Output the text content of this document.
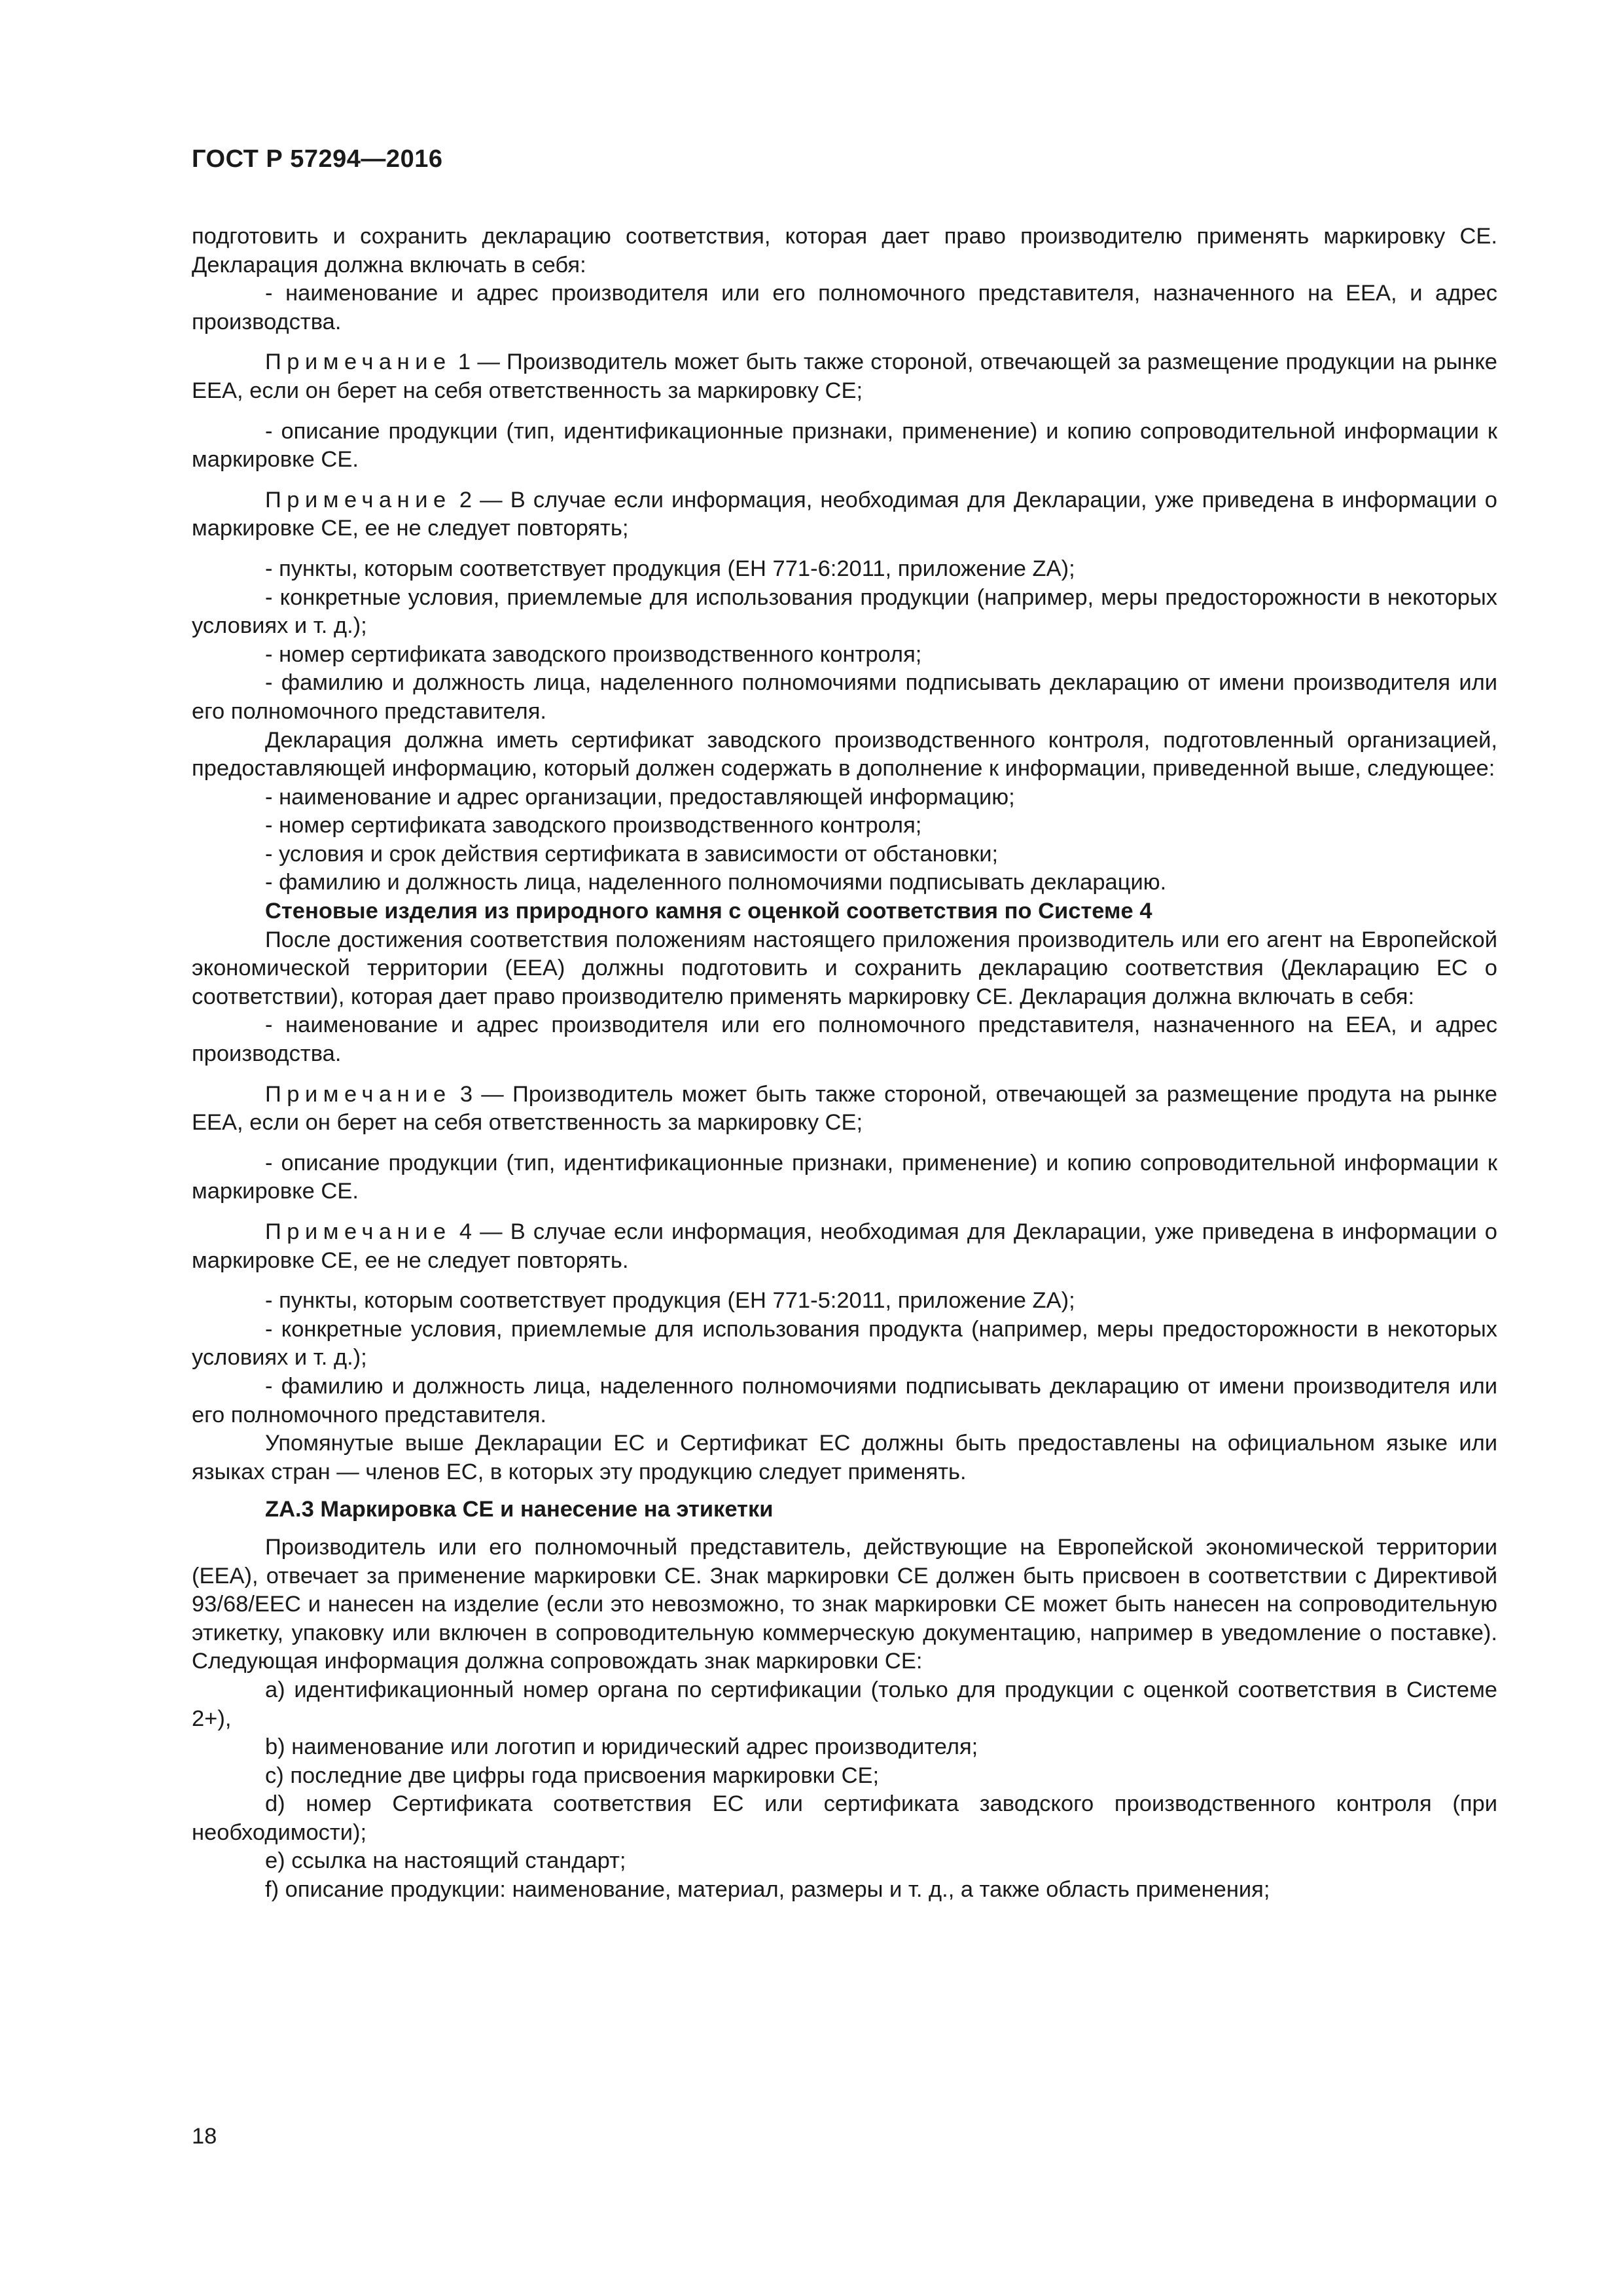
ГОСТ Р 57294—2016

подготовить и сохранить декларацию соответствия, которая дает право производителю применять маркировку СЕ. Декларация должна включать в себя:

- наименование и адрес производителя или его полномочного представителя, назначенного на ЕЕА, и адрес производства.

Примечание 1 — Производитель может быть также стороной, отвечающей за размещение продукции на рынке ЕЕА, если он берет на себя ответственность за маркировку СЕ;

- описание продукции (тип, идентификационные признаки, применение) и копию сопроводительной информации к маркировке СЕ.

Примечание 2 — В случае если информация, необходимая для Декларации, уже приведена в информации о маркировке СЕ, ее не следует повторять;

- пункты, которым соответствует продукция (ЕН 771-6:2011, приложение ZA);

- конкретные условия, приемлемые для использования продукции (например, меры предосторожности в некоторых условиях и т. д.);

- номер сертификата заводского производственного контроля;

- фамилию и должность лица, наделенного полномочиями подписывать декларацию от имени производителя или его полномочного представителя.

Декларация должна иметь сертификат заводского производственного контроля, подготовленный организацией, предоставляющей информацию, который должен содержать в дополнение к информации, приведенной выше, следующее:

- наименование и адрес организации, предоставляющей информацию;

- номер сертификата заводского производственного контроля;

- условия и срок действия сертификата в зависимости от обстановки;

- фамилию и должность лица, наделенного полномочиями подписывать декларацию.

Стеновые изделия из природного камня с оценкой соответствия по Системе 4

После достижения соответствия положениям настоящего приложения производитель или его агент на Европейской экономической территории (ЕЕА) должны подготовить и сохранить декларацию соответствия (Декларацию ЕС о соответствии), которая дает право производителю применять маркировку СЕ. Декларация должна включать в себя:

- наименование и адрес производителя или его полномочного представителя, назначенного на ЕЕА, и адрес производства.

Примечание 3 — Производитель может быть также стороной, отвечающей за размещение продута на рынке ЕЕА, если он берет на себя ответственность за маркировку СЕ;

- описание продукции (тип, идентификационные признаки, применение) и копию сопроводительной информации к маркировке СЕ.

Примечание 4 — В случае если информация, необходимая для Декларации, уже приведена в информации о маркировке СЕ, ее не следует повторять.

- пункты, которым соответствует продукция (ЕН 771-5:2011, приложение ZA);

- конкретные условия, приемлемые для использования продукта (например, меры предосторожности в некоторых условиях и т. д.);

- фамилию и должность лица, наделенного полномочиями подписывать декларацию от имени производителя или его полномочного представителя.

Упомянутые выше Декларации ЕС и Сертификат ЕС должны быть предоставлены на официальном языке или языках стран — членов ЕС, в которых эту продукцию следует применять.

ZA.3 Маркировка СЕ и нанесение на этикетки

Производитель или его полномочный представитель, действующие на Европейской экономической территории (ЕЕА), отвечает за применение маркировки СЕ. Знак маркировки СЕ должен быть присвоен в соответствии с Директивой 93/68/ЕЕС и нанесен на изделие (если это невозможно, то знак маркировки СЕ может быть нанесен на сопроводительную этикетку, упаковку или включен в сопроводительную коммерческую документацию, например в уведомление о поставке). Следующая информация должна сопровождать знак маркировки СЕ:

a) идентификационный номер органа по сертификации (только для продукции с оценкой соответствия в Системе 2+),

b) наименование или логотип и юридический адрес производителя;

c) последние две цифры года присвоения маркировки СЕ;

d) номер Сертификата соответствия ЕС или сертификата заводского производственного контроля (при необходимости);

e) ссылка на настоящий стандарт;

f) описание продукции: наименование, материал, размеры и т. д., а также область применения;

18
